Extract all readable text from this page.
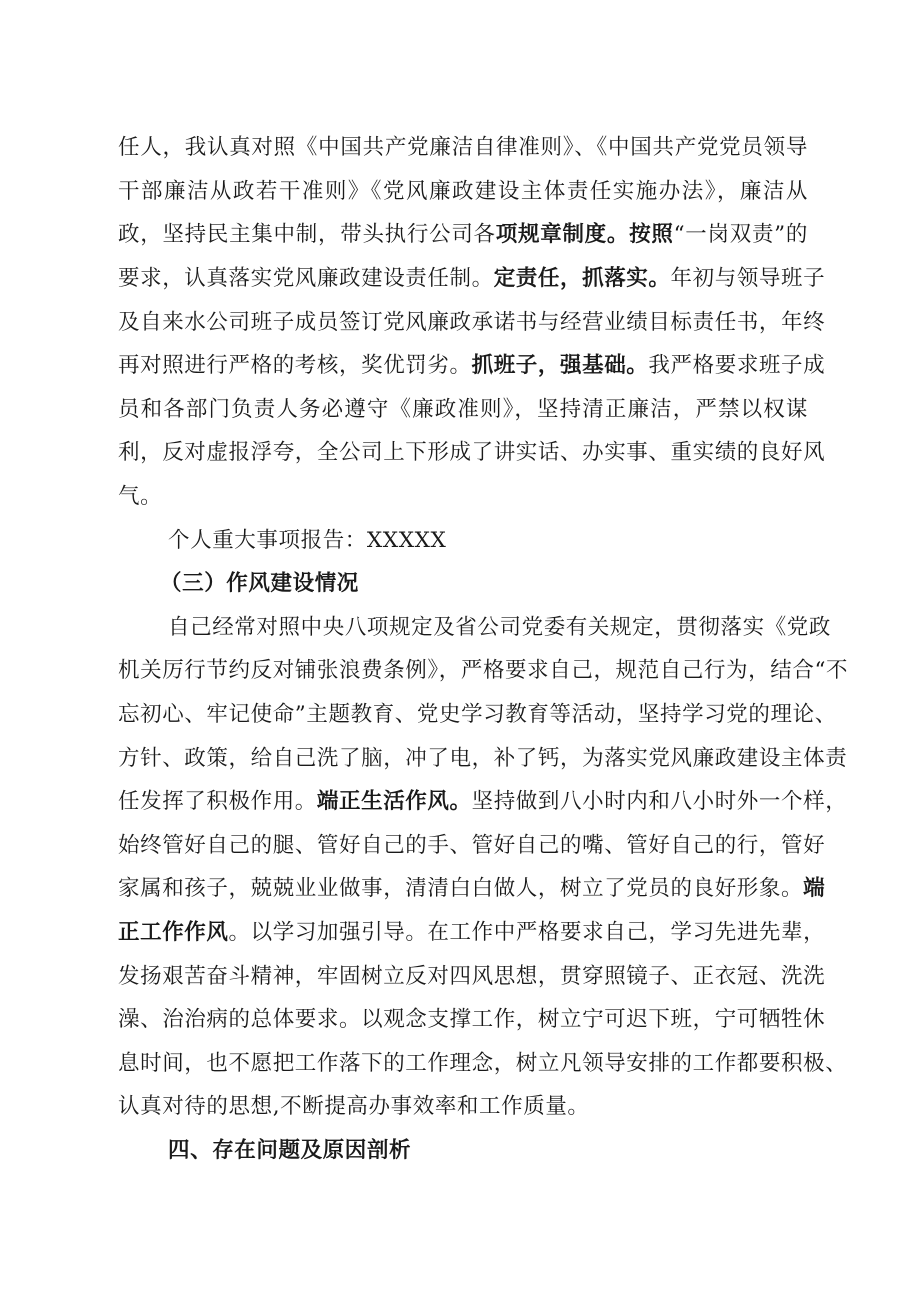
任人，我认真对照《中国共产党廉洁自律准则》、《中国共产党党员领导
干部廉洁从政若干准则》《党风廉政建设主体责任实施办法》，廉洁从
政，坚持民主集中制，带头执行公司各项规章制度。按照“一岗双责”的
要求，认真落实党风廉政建设责任制。定责任，抓落实。年初与领导班子
及自来水公司班子成员签订党风廉政承诺书与经营业绩目标责任书，年终
再对照进行严格的考核，奖优罚劣。抓班子，强基础。我严格要求班子成
员和各部门负责人务必遵守《廉政准则》，坚持清正廉洁，严禁以权谋
利，反对虚报浮夸，全公司上下形成了讲实话、办实事、重实绩的良好风
气。
个人重大事项报告：XXXXX
（三）作风建设情况
自己经常对照中央八项规定及省公司党委有关规定，贯彻落实《党政
机关厉行节约反对铺张浪费条例》，严格要求自己，规范自己行为，结合“不
忘初心、牢记使命”主题教育、党史学习教育等活动，坚持学习党的理论、
方针、政策，给自己洗了脑，冲了电，补了钙，为落实党风廉政建设主体责
任发挥了积极作用。端正生活作风。坚持做到八小时内和八小时外一个样，
始终管好自己的腿、管好自己的手、管好自己的嘴、管好自己的行，管好
家属和孩子，兢兢业业做事，清清白白做人，树立了党员的良好形象。端
正工作作风。以学习加强引导。在工作中严格要求自己，学习先进先辈，
发扬艰苦奋斗精神，牢固树立反对四风思想，贯穿照镜子、正衣冠、洗洗
澡、治治病的总体要求。以观念支撑工作，树立宁可迟下班，宁可牺牲休
息时间，也不愿把工作落下的工作理念，树立凡领导安排的工作都要积极、
认真对待的思想,不断提高办事效率和工作质量。
四、存在问题及原因剖析
